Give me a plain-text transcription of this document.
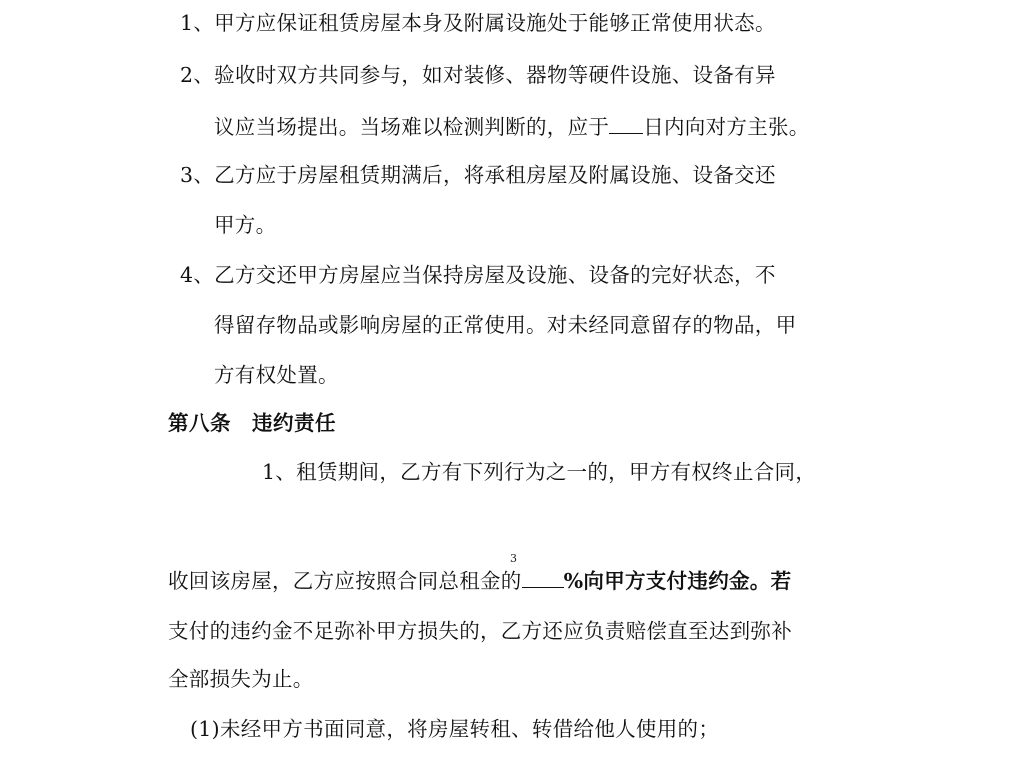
1、甲方应保证租赁房屋本身及附属设施处于能够正常使用状态。
2、验收时双方共同参与，如对装修、器物等硬件设施、设备有异
议应当场提出。当场难以检测判断的，应于 日内向对方主张。
3、乙方应于房屋租赁期满后，将承租房屋及附属设施、设备交还
甲方。
4、乙方交还甲方房屋应当保持房屋及设施、设备的完好状态，不
得留存物品或影响房屋的正常使用。对未经同意留存的物品，甲
方有权处置。
第八条　违约责任
1、租赁期间，乙方有下列行为之一的，甲方有权终止合同，
3
收回该房屋，乙方应按照合同总租金的 %向甲方支付违约金。若
支付的违约金不足弥补甲方损失的，乙方还应负责赔偿直至达到弥补
全部损失为止。
(1)未经甲方书面同意，将房屋转租、转借给他人使用的；
